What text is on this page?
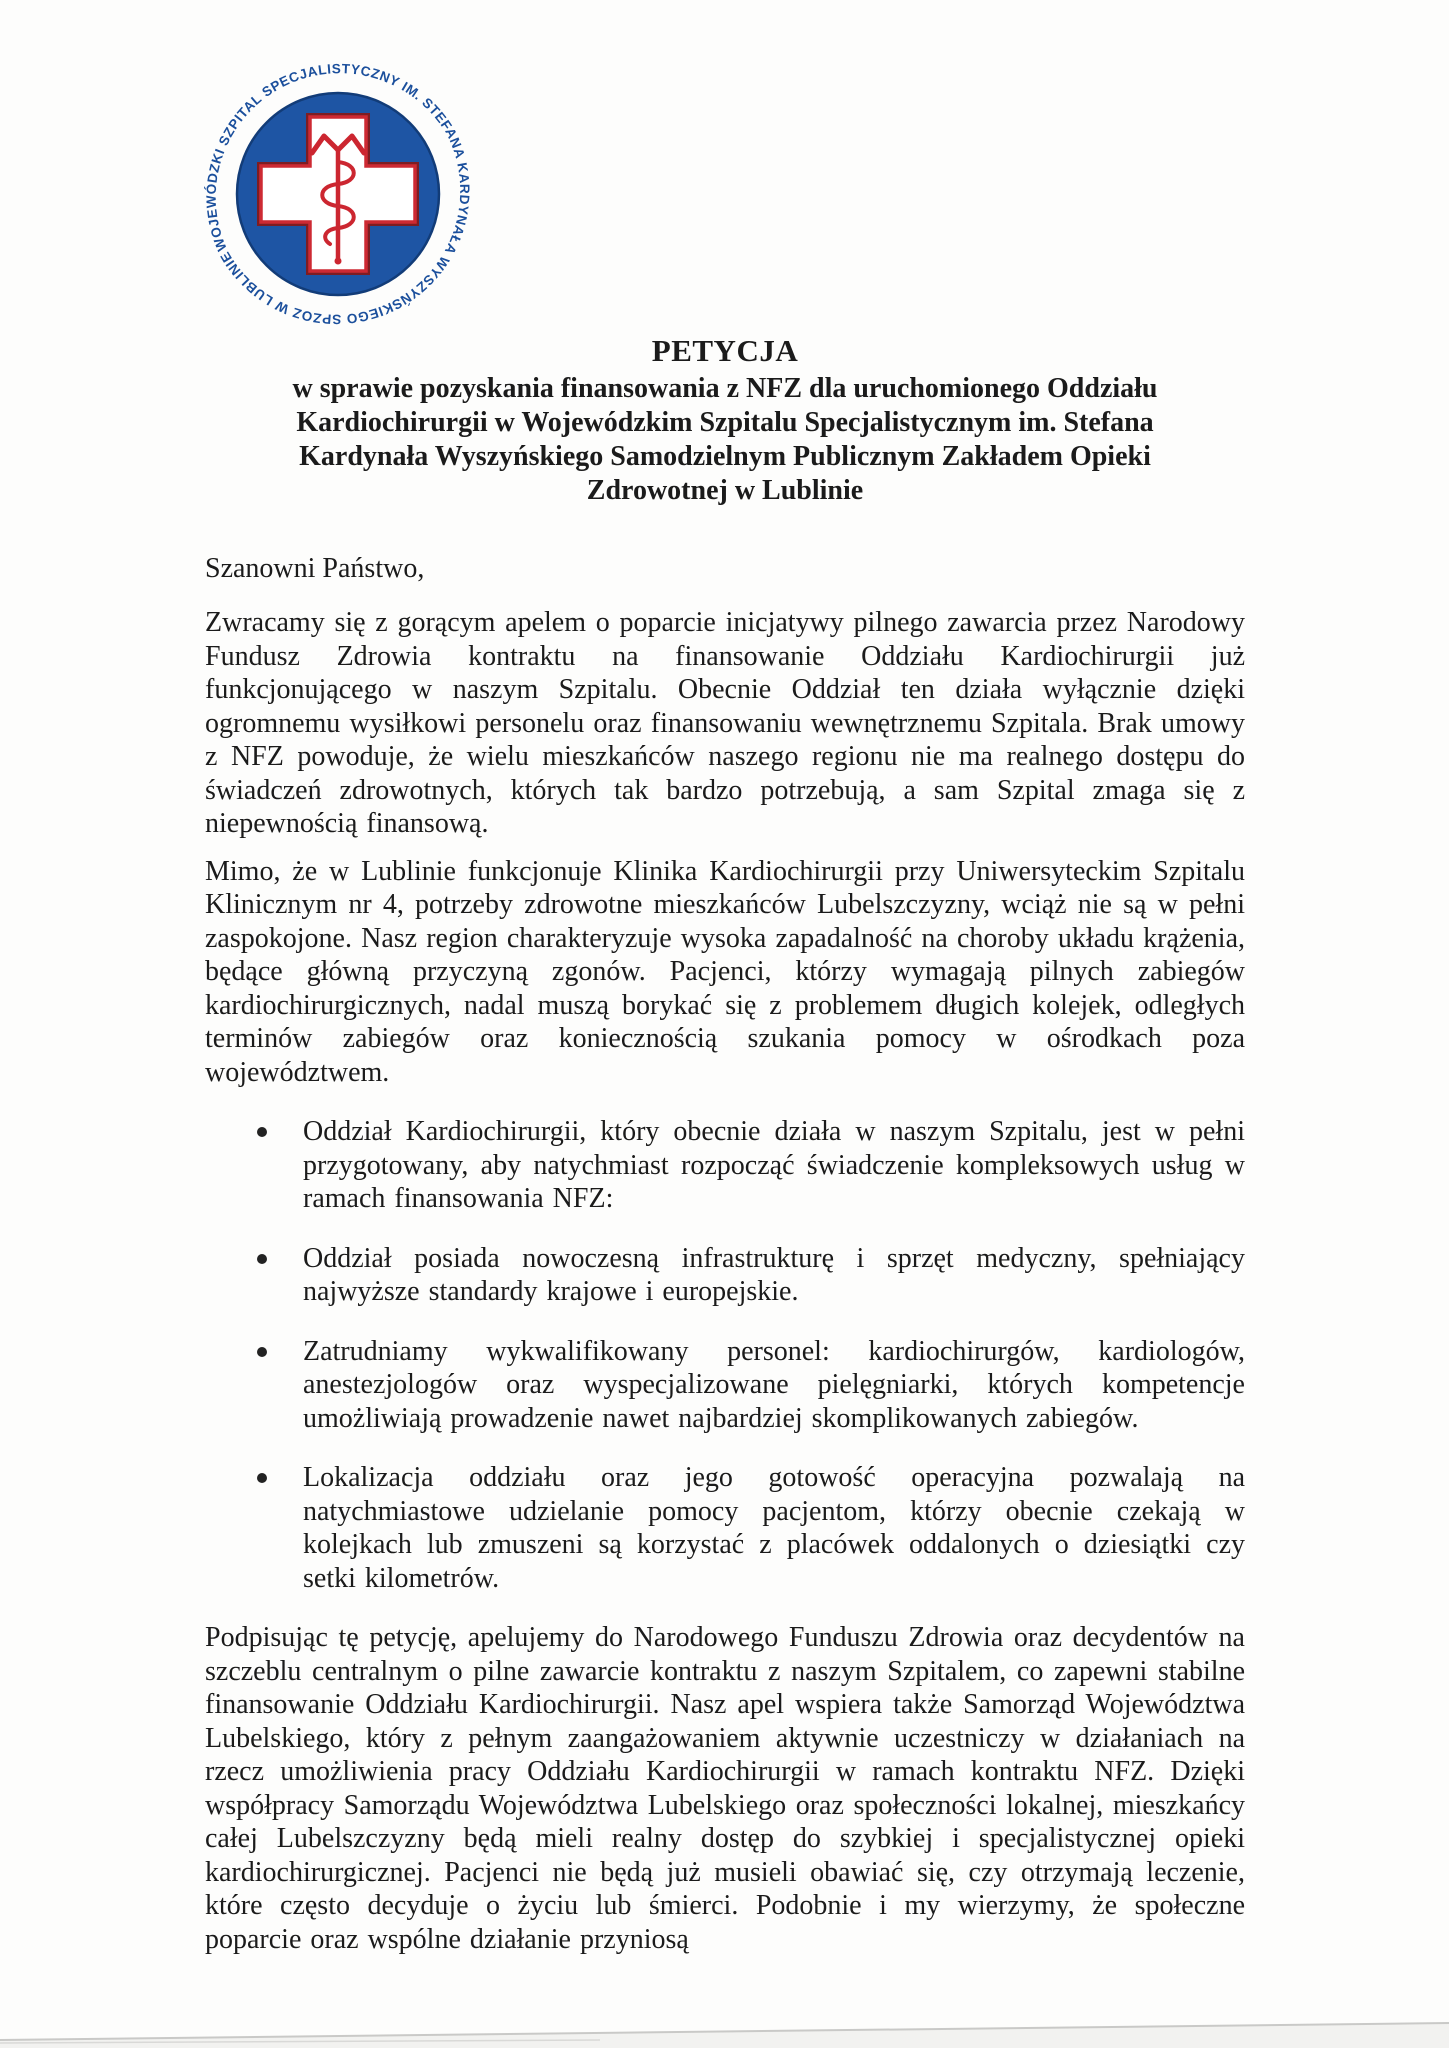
WOJEWÓDZKI SZPITAL SPECJALISTYCZNY IM. STEFANA KARDYNAŁA WYSZYŃSKIEGO SPZOZ W LUBLINIE
PETYCJA
w sprawie pozyskania finansowania z NFZ dla uruchomionego Oddziału Kardiochirurgii w Wojewódzkim Szpitalu Specjalistycznym im. Stefana Kardynała Wyszyńskiego Samodzielnym Publicznym Zakładem Opieki Zdrowotnej w Lublinie
Szanowni Państwo,

Zwracamy się z gorącym apelem o poparcie inicjatywy pilnego zawarcia przez Narodowy Fundusz Zdrowia kontraktu na finansowanie Oddziału Kardiochirurgii już funkcjonującego w naszym Szpitalu. Obecnie Oddział ten działa wyłącznie dzięki ogromnemu wysiłkowi personelu oraz finansowaniu wewnętrznemu Szpitala. Brak umowy z NFZ powoduje, że wielu mieszkańców naszego regionu nie ma realnego dostępu do świadczeń zdrowotnych, których tak bardzo potrzebują, a sam Szpital zmaga się z niepewnością finansową.

Mimo, że w Lublinie funkcjonuje Klinika Kardiochirurgii przy Uniwersyteckim Szpitalu Klinicznym nr 4, potrzeby zdrowotne mieszkańców Lubelszczyzny, wciąż nie są w pełni zaspokojone. Nasz region charakteryzuje wysoka zapadalność na choroby układu krążenia, będące główną przyczyną zgonów. Pacjenci, którzy wymagają pilnych zabiegów kardiochirurgicznych, nadal muszą borykać się z problemem długich kolejek, odległych terminów zabiegów oraz koniecznością szukania pomocy w ośrodkach poza województwem.

Oddział Kardiochirurgii, który obecnie działa w naszym Szpitalu, jest w pełni przygotowany, aby natychmiast rozpocząć świadczenie kompleksowych usług w ramach finansowania NFZ:
Oddział posiada nowoczesną infrastrukturę i sprzęt medyczny, spełniający najwyższe standardy krajowe i europejskie.
Zatrudniamy wykwalifikowany personel: kardiochirurgów, kardiologów, anestezjologów oraz wyspecjalizowane pielęgniarki, których kompetencje umożliwiają prowadzenie nawet najbardziej skomplikowanych zabiegów.
Lokalizacja oddziału oraz jego gotowość operacyjna pozwalają na natychmiastowe udzielanie pomocy pacjentom, którzy obecnie czekają w kolejkach lub zmuszeni są korzystać z placówek oddalonych o dziesiątki czy setki kilometrów.

Podpisując tę petycję, apelujemy do Narodowego Funduszu Zdrowia oraz decydentów na szczeblu centralnym o pilne zawarcie kontraktu z naszym Szpitalem, co zapewni stabilne finansowanie Oddziału Kardiochirurgii. Nasz apel wspiera także Samorząd Województwa Lubelskiego, który z pełnym zaangażowaniem aktywnie uczestniczy w działaniach na rzecz umożliwienia pracy Oddziału Kardiochirurgii w ramach kontraktu NFZ. Dzięki współpracy Samorządu Województwa Lubelskiego oraz społeczności lokalnej, mieszkańcy całej Lubelszczyzny będą mieli realny dostęp do szybkiej i specjalistycznej opieki kardiochirurgicznej. Pacjenci nie będą już musieli obawiać się, czy otrzymają leczenie, które często decyduje o życiu lub śmierci. Podobnie i my wierzymy, że społeczne poparcie oraz wspólne działanie przyniosą
